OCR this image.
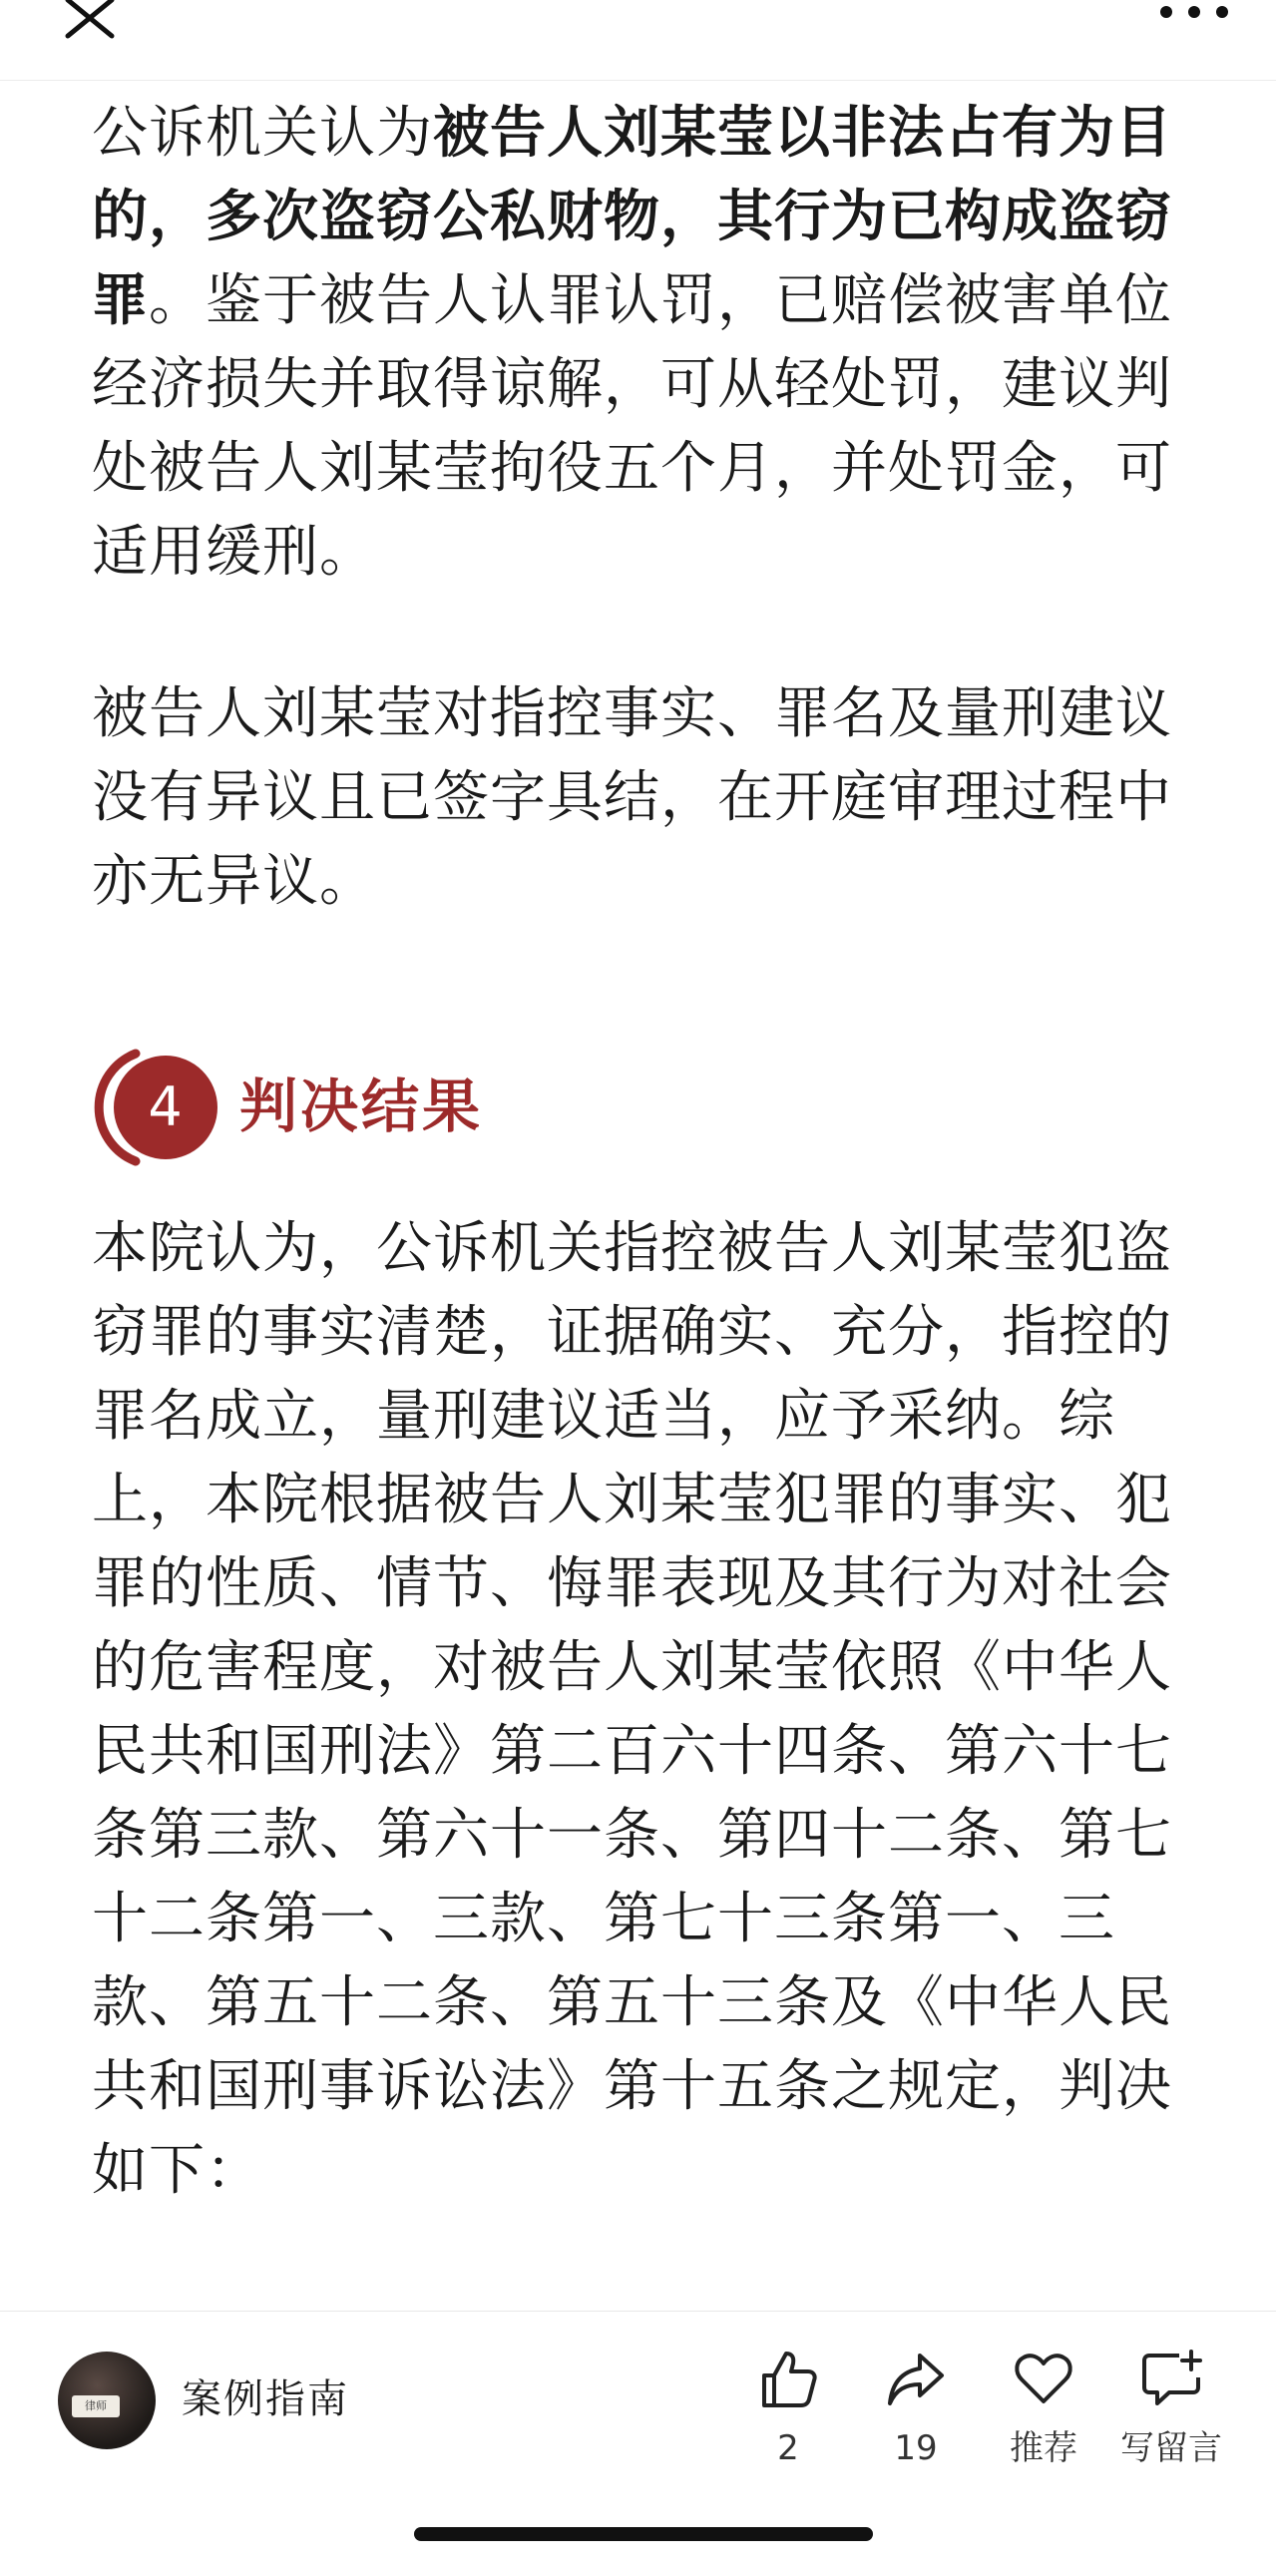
公诉机关认为被告人刘某莹以非法占有为目的，多次盗窃公私财物，其行为已构成盗窃罪。鉴于被告人认罪认罚，已赔偿被害单位经济损失并取得谅解，可从轻处罚，建议判处被告人刘某莹拘役五个月，并处罚金，可适用缓刑。

被告人刘某莹对指控事实、罪名及量刑建议没有异议且已签字具结，在开庭审理过程中亦无异议。

4 判决结果

本院认为，公诉机关指控被告人刘某莹犯盗窃罪的事实清楚，证据确实、充分，指控的罪名成立，量刑建议适当，应予采纳。综上，本院根据被告人刘某莹犯罪的事实、犯罪的性质、情节、悔罪表现及其行为对社会的危害程度，对被告人刘某莹依照《中华人民共和国刑法》第二百六十四条、第六十七条第三款、第六十一条、第四十二条、第七十二条第一、三款、第七十三条第一、三款、第五十二条、第五十三条及《中华人民共和国刑事诉讼法》第十五条之规定，判决如下：

律师	案例指南
2	19	推荐	写留言
